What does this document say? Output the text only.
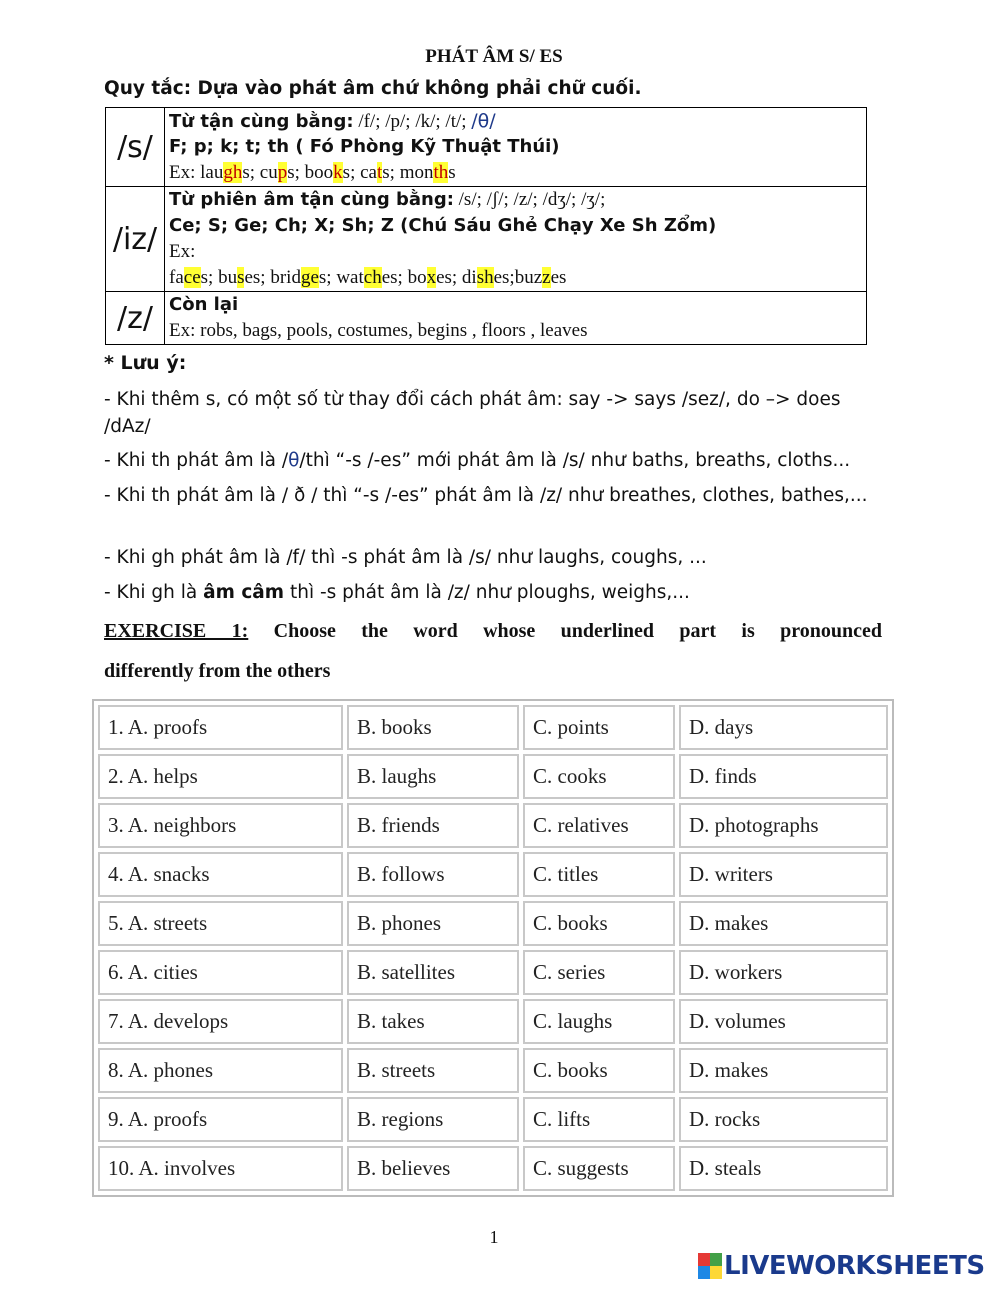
PHÁT ÂM S/ ES
Quy tắc: Dựa vào phát âm chứ không phải chữ cuối.
/s/	Từ tận cùng bằng: /f/; /p/; /k/; /t/; /θ/
F; p; k; t; th ( Fó Phòng Kỹ Thuật Thúi)
Ex: laughs; cups; books; cats; months

/iz/	Từ phiên âm tận cùng bằng: /s/; /ʃ/; /z/; /dʒ/; /ʒ/;
Ce; S; Ge; Ch; X; Sh; Z (Chú Sáu Ghẻ Chạy Xe Sh Zổm)
Ex:
faces; buses; bridges; watches; boxes; dishes;buzzes

/z/	Còn lại
Ex: robs, bags, pools, costumes, begins , floors , leaves
* Lưu ý:
- Khi thêm s, có một số từ thay đổi cách phát âm: say -> says /sez/, do –> does /dAz/
- Khi th phát âm là /θ/thì “-s /-es” mới phát âm là /s/ như baths, breaths, cloths...
- Khi th phát âm là / ð / thì “-s /-es” phát âm là /z/ như breathes, clothes, bathes,...
- Khi gh phát âm là /f/ thì -s phát âm là /s/ như laughs, coughs, ...
- Khi gh là âm câm thì -s phát âm là /z/ như ploughs, weighs,...
EXERCISE 1: Choose the word whose underlined part is pronounced
differently from the others
1. A. proofs	B. books	C. points	D. days
2. A. helps	B. laughs	C. cooks	D. finds
3. A. neighbors	B. friends	C. relatives	D. photographs
4. A. snacks	B. follows	C. titles	D. writers
5. A. streets	B. phones	C. books	D. makes
6. A. cities	B. satellites	C. series	D. workers
7. A. develops	B. takes	C. laughs	D. volumes
8. A. phones	B. streets	C. books	D. makes
9. A. proofs	B. regions	C. lifts	D. rocks
10. A. involves	B. believes	C. suggests	D. steals
1
LIVEWORKSHEETS
